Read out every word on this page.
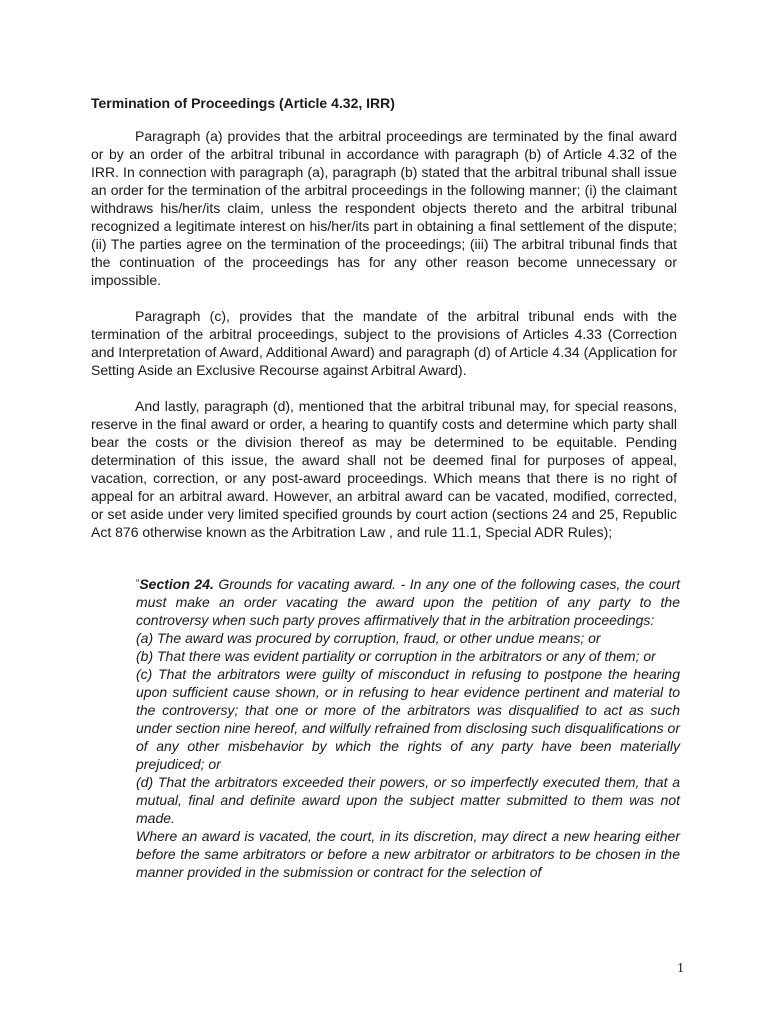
Termination of Proceedings (Article 4.32, IRR)

Paragraph (a) provides that the arbitral proceedings are terminated by the final award or by an order of the arbitral tribunal in accordance with paragraph (b) of Article 4.32 of the IRR. In connection with paragraph (a), paragraph (b) stated that the arbitral tribunal shall issue an order for the termination of the arbitral proceedings in the following manner; (i) the claimant withdraws his/her/its claim, unless the respondent objects thereto and the arbitral tribunal recognized a legitimate interest on his/her/its part in obtaining a final settlement of the dispute; (ii) The parties agree on the termination of the proceedings; (iii) The arbitral tribunal finds that the continuation of the proceedings has for any other reason become unnecessary or impossible.

Paragraph (c), provides that the mandate of the arbitral tribunal ends with the termination of the arbitral proceedings, subject to the provisions of Articles 4.33 (Correction and Interpretation of Award, Additional Award) and paragraph (d) of Article 4.34 (Application for Setting Aside an Exclusive Recourse against Arbitral Award).

And lastly, paragraph (d), mentioned that the arbitral tribunal may, for special reasons, reserve in the final award or order, a hearing to quantify costs and determine which party shall bear the costs or the division thereof as may be determined to be equitable. Pending determination of this issue, the award shall not be deemed final for purposes of appeal, vacation, correction, or any post-award proceedings. Which means that there is no right of appeal for an arbitral award. However, an arbitral award can be vacated, modified, corrected, or set aside under very limited specified grounds by court action (sections 24 and 25, Republic Act 876 otherwise known as the Arbitration Law , and rule 11.1, Special ADR Rules);

“Section 24. Grounds for vacating award. - In any one of the following cases, the court must make an order vacating the award upon the petition of any party to the controversy when such party proves affirmatively that in the arbitration proceedings:

(a) The award was procured by corruption, fraud, or other undue means; or

(b) That there was evident partiality or corruption in the arbitrators or any of them; or

(c) That the arbitrators were guilty of misconduct in refusing to postpone the hearing upon sufficient cause shown, or in refusing to hear evidence pertinent and material to the controversy; that one or more of the arbitrators was disqualified to act as such under section nine hereof, and wilfully refrained from disclosing such disqualifications or of any other misbehavior by which the rights of any party have been materially prejudiced; or

(d) That the arbitrators exceeded their powers, or so imperfectly executed them, that a mutual, final and definite award upon the subject matter submitted to them was not made.

Where an award is vacated, the court, in its discretion, may direct a new hearing either before the same arbitrators or before a new arbitrator or arbitrators to be chosen in the manner provided in the submission or contract for the selection of

1
